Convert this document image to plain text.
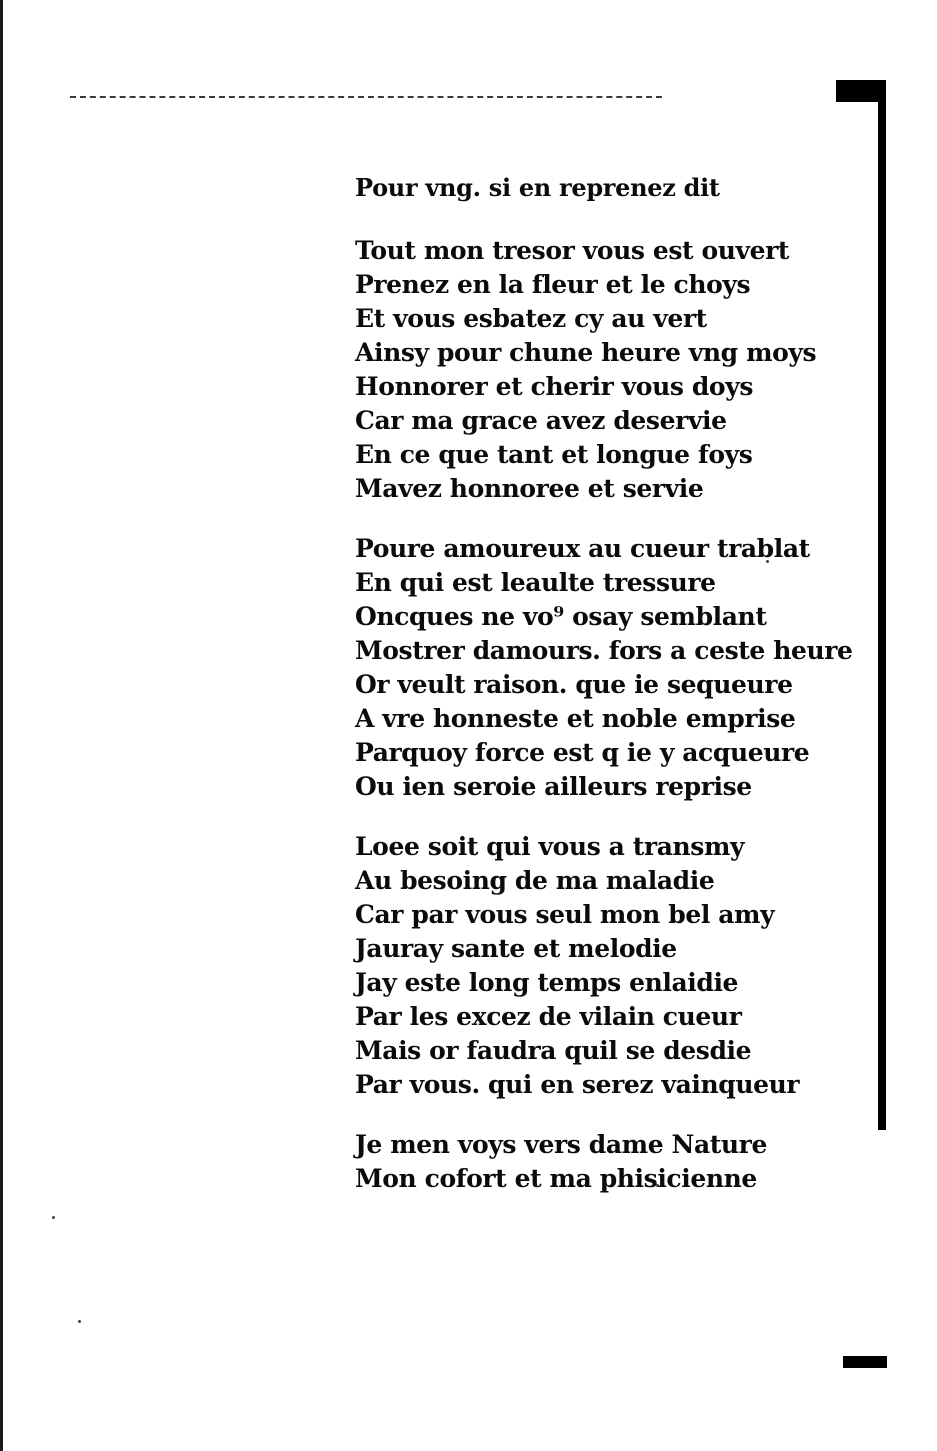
Pour vng. si en reprenez dit
Tout mon tresor vous est ouvert
Prenez en la fleur et le choys
Et vous esbatez cy au vert
Ainsy pour chune heure vng moys
Honnorer et cherir vous doys
Car ma grace avez deservie
En ce que tant et longue foys
Mavez honnoree et servie
Poure amoureux au cueur trablat
En qui est leaulte tressure
Oncques ne vo⁹ osay semblant
Mostrer damours. fors a ceste heure
Or veult raison. que ie sequeure
A vre honneste et noble emprise
Parquoy force est q ie y acqueure
Ou ien seroie ailleurs reprise
Loee soit qui vous a transmy
Au besoing de ma maladie
Car par vous seul mon bel amy
Jauray sante et melodie
Jay este long temps enlaidie
Par les excez de vilain cueur
Mais or faudra quil se desdie
Par vous. qui en serez vainqueur
Je men voys vers dame Nature
Mon cofort et ma phisicienne
